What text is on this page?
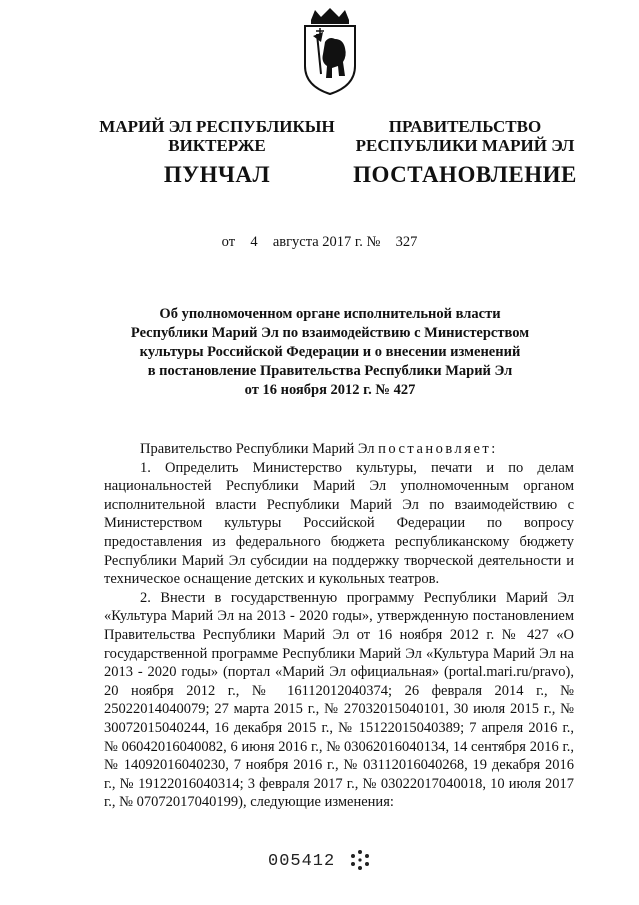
МАРИЙ ЭЛ РЕСПУБЛИКЫН
ВИКТЕРЖЕ
ПУНЧАЛ
ПРАВИТЕЛЬСТВО
РЕСПУБЛИКИ МАРИЙ ЭЛ
ПОСТАНОВЛЕНИЕ
от 4 августа 2017 г. № 327
Об уполномоченном органе исполнительной власти
Республики Марий Эл по взаимодействию с Министерством
культуры Российской Федерации и о внесении изменений
в постановление Правительства Республики Марий Эл
от 16 ноября 2012 г. № 427

Правительство Республики Марий Эл постановляет:

1. Определить Министерство культуры, печати и по делам национальностей Республики Марий Эл уполномоченным органом исполнительной власти Республики Марий Эл по взаимодействию с Министерством культуры Российской Федерации по вопросу предоставления из федерального бюджета республиканскому бюджету Республики Марий Эл субсидии на поддержку творческой деятельности и техническое оснащение детских и кукольных театров.

2. Внести в государственную программу Республики Марий Эл «Культура Марий Эл на 2013 - 2020 годы», утвержденную постановлением Правительства Республики Марий Эл от 16 ноября 2012 г. № 427 «О государственной программе Республики Марий Эл «Культура Марий Эл на 2013 - 2020 годы» (портал «Марий Эл официальная» (portal.mari.ru/pravo), 20 ноября 2012 г., № 16112012040374; 26 февраля 2014 г., № 25022014040079; 27 марта 2015 г., № 27032015040101, 30 июля 2015 г., № 30072015040244, 16 декабря 2015 г., № 15122015040389; 7 апреля 2016 г., № 06042016040082, 6 июня 2016 г., № 03062016040134, 14 сентября 2016 г., № 14092016040230, 7 ноября 2016 г., № 03112016040268, 19 декабря 2016 г., № 19122016040314; 3 февраля 2017 г., № 03022017040018, 10 июля 2017 г., № 07072017040199), следующие изменения:

005412
